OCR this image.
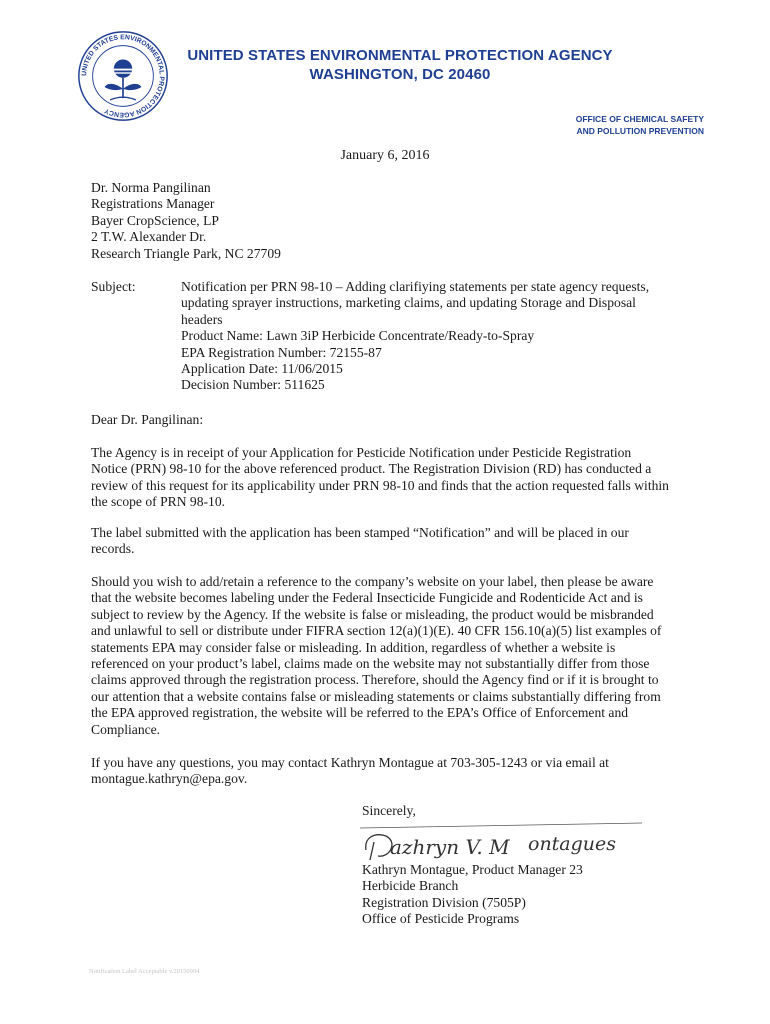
UNITED STATES ENVIRONMENTAL PROTECTION AGENCY
UNITED STATES ENVIRONMENTAL PROTECTION AGENCY
WASHINGTON, DC 20460
OFFICE OF CHEMICAL SAFETY
AND POLLUTION PREVENTION
January 6, 2016
Dr. Norma Pangilinan
Registrations Manager
Bayer CropScience, LP
2 T.W. Alexander Dr.
Research Triangle Park, NC 27709
Subject:	Notification per PRN 98-10 – Adding clarifiying statements per state agency requests,
updating sprayer instructions, marketing claims, and updating Storage and Disposal
headers
Product Name: Lawn 3iP Herbicide Concentrate/Ready-to-Spray
EPA Registration Number: 72155-87
Application Date: 11/06/2015
Decision Number: 511625
Dear Dr. Pangilinan:
The Agency is in receipt of your Application for Pesticide Notification under Pesticide Registration
Notice (PRN) 98-10 for the above referenced product. The Registration Division (RD) has conducted a
review of this request for its applicability under PRN 98-10 and finds that the action requested falls within
the scope of PRN 98-10.
The label submitted with the application has been stamped “Notification” and will be placed in our
records.
Should you wish to add/retain a reference to the company’s website on your label, then please be aware
that the website becomes labeling under the Federal Insecticide Fungicide and Rodenticide Act and is
subject to review by the Agency. If the website is false or misleading, the product would be misbranded
and unlawful to sell or distribute under FIFRA section 12(a)(1)(E). 40 CFR 156.10(a)(5) list examples of
statements EPA may consider false or misleading. In addition, regardless of whether a website is
referenced on your product’s label, claims made on the website may not substantially differ from those
claims approved through the registration process. Therefore, should the Agency find or if it is brought to
our attention that a website contains false or misleading statements or claims substantially differing from
the EPA approved registration, the website will be referred to the EPA’s Office of Enforcement and
Compliance.
If you have any questions, you may contact Kathryn Montague at 703-305-1243 or via email at
montague.kathryn@epa.gov.
Sincerely,
azhryn V. M ontagues
Kathryn Montague, Product Manager 23
Herbicide Branch
Registration Division (7505P)
Office of Pesticide Programs
Notification Label Acceptable v.20150904
